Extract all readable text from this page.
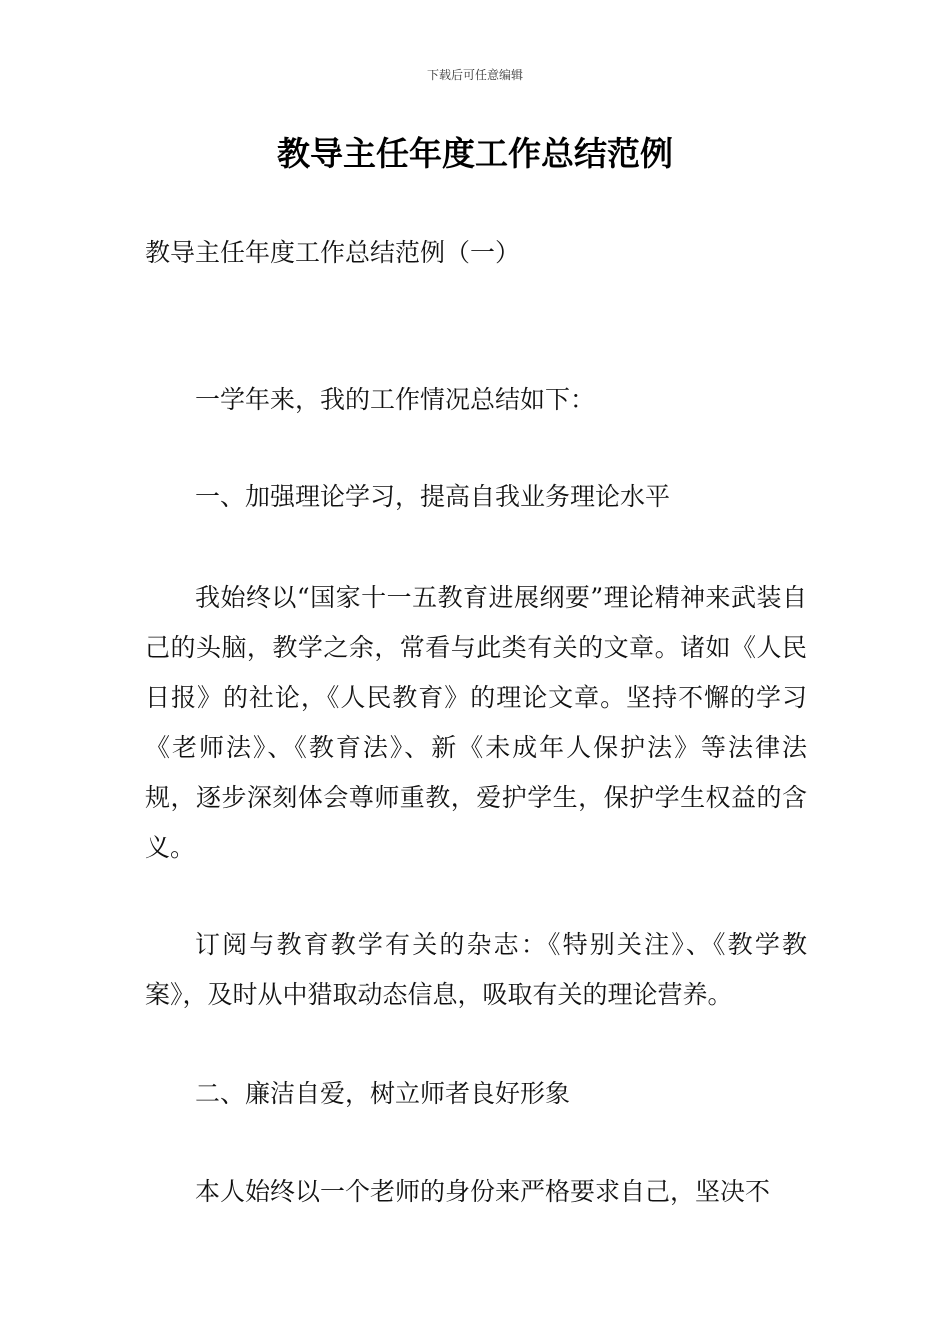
下载后可任意编辑
教导主任年度工作总结范例
教导主任年度工作总结范例（一）
一学年来，我的工作情况总结如下：
一、加强理论学习，提高自我业务理论水平
我始终以“国家十一五教育进展纲要”理论精神来武装自己的头脑，教学之余，常看与此类有关的文章。诸如《人民日报》的社论，《人民教育》的理论文章。坚持不懈的学习《老师法》、《教育法》、新《未成年人保护法》等法律法规，逐步深刻体会尊师重教，爱护学生，保护学生权益的含义。
订阅与教育教学有关的杂志：《特别关注》、《教学教案》，及时从中猎取动态信息，吸取有关的理论营养。
二、廉洁自爱，树立师者良好形象
本人始终以一个老师的身份来严格要求自己，坚决不
